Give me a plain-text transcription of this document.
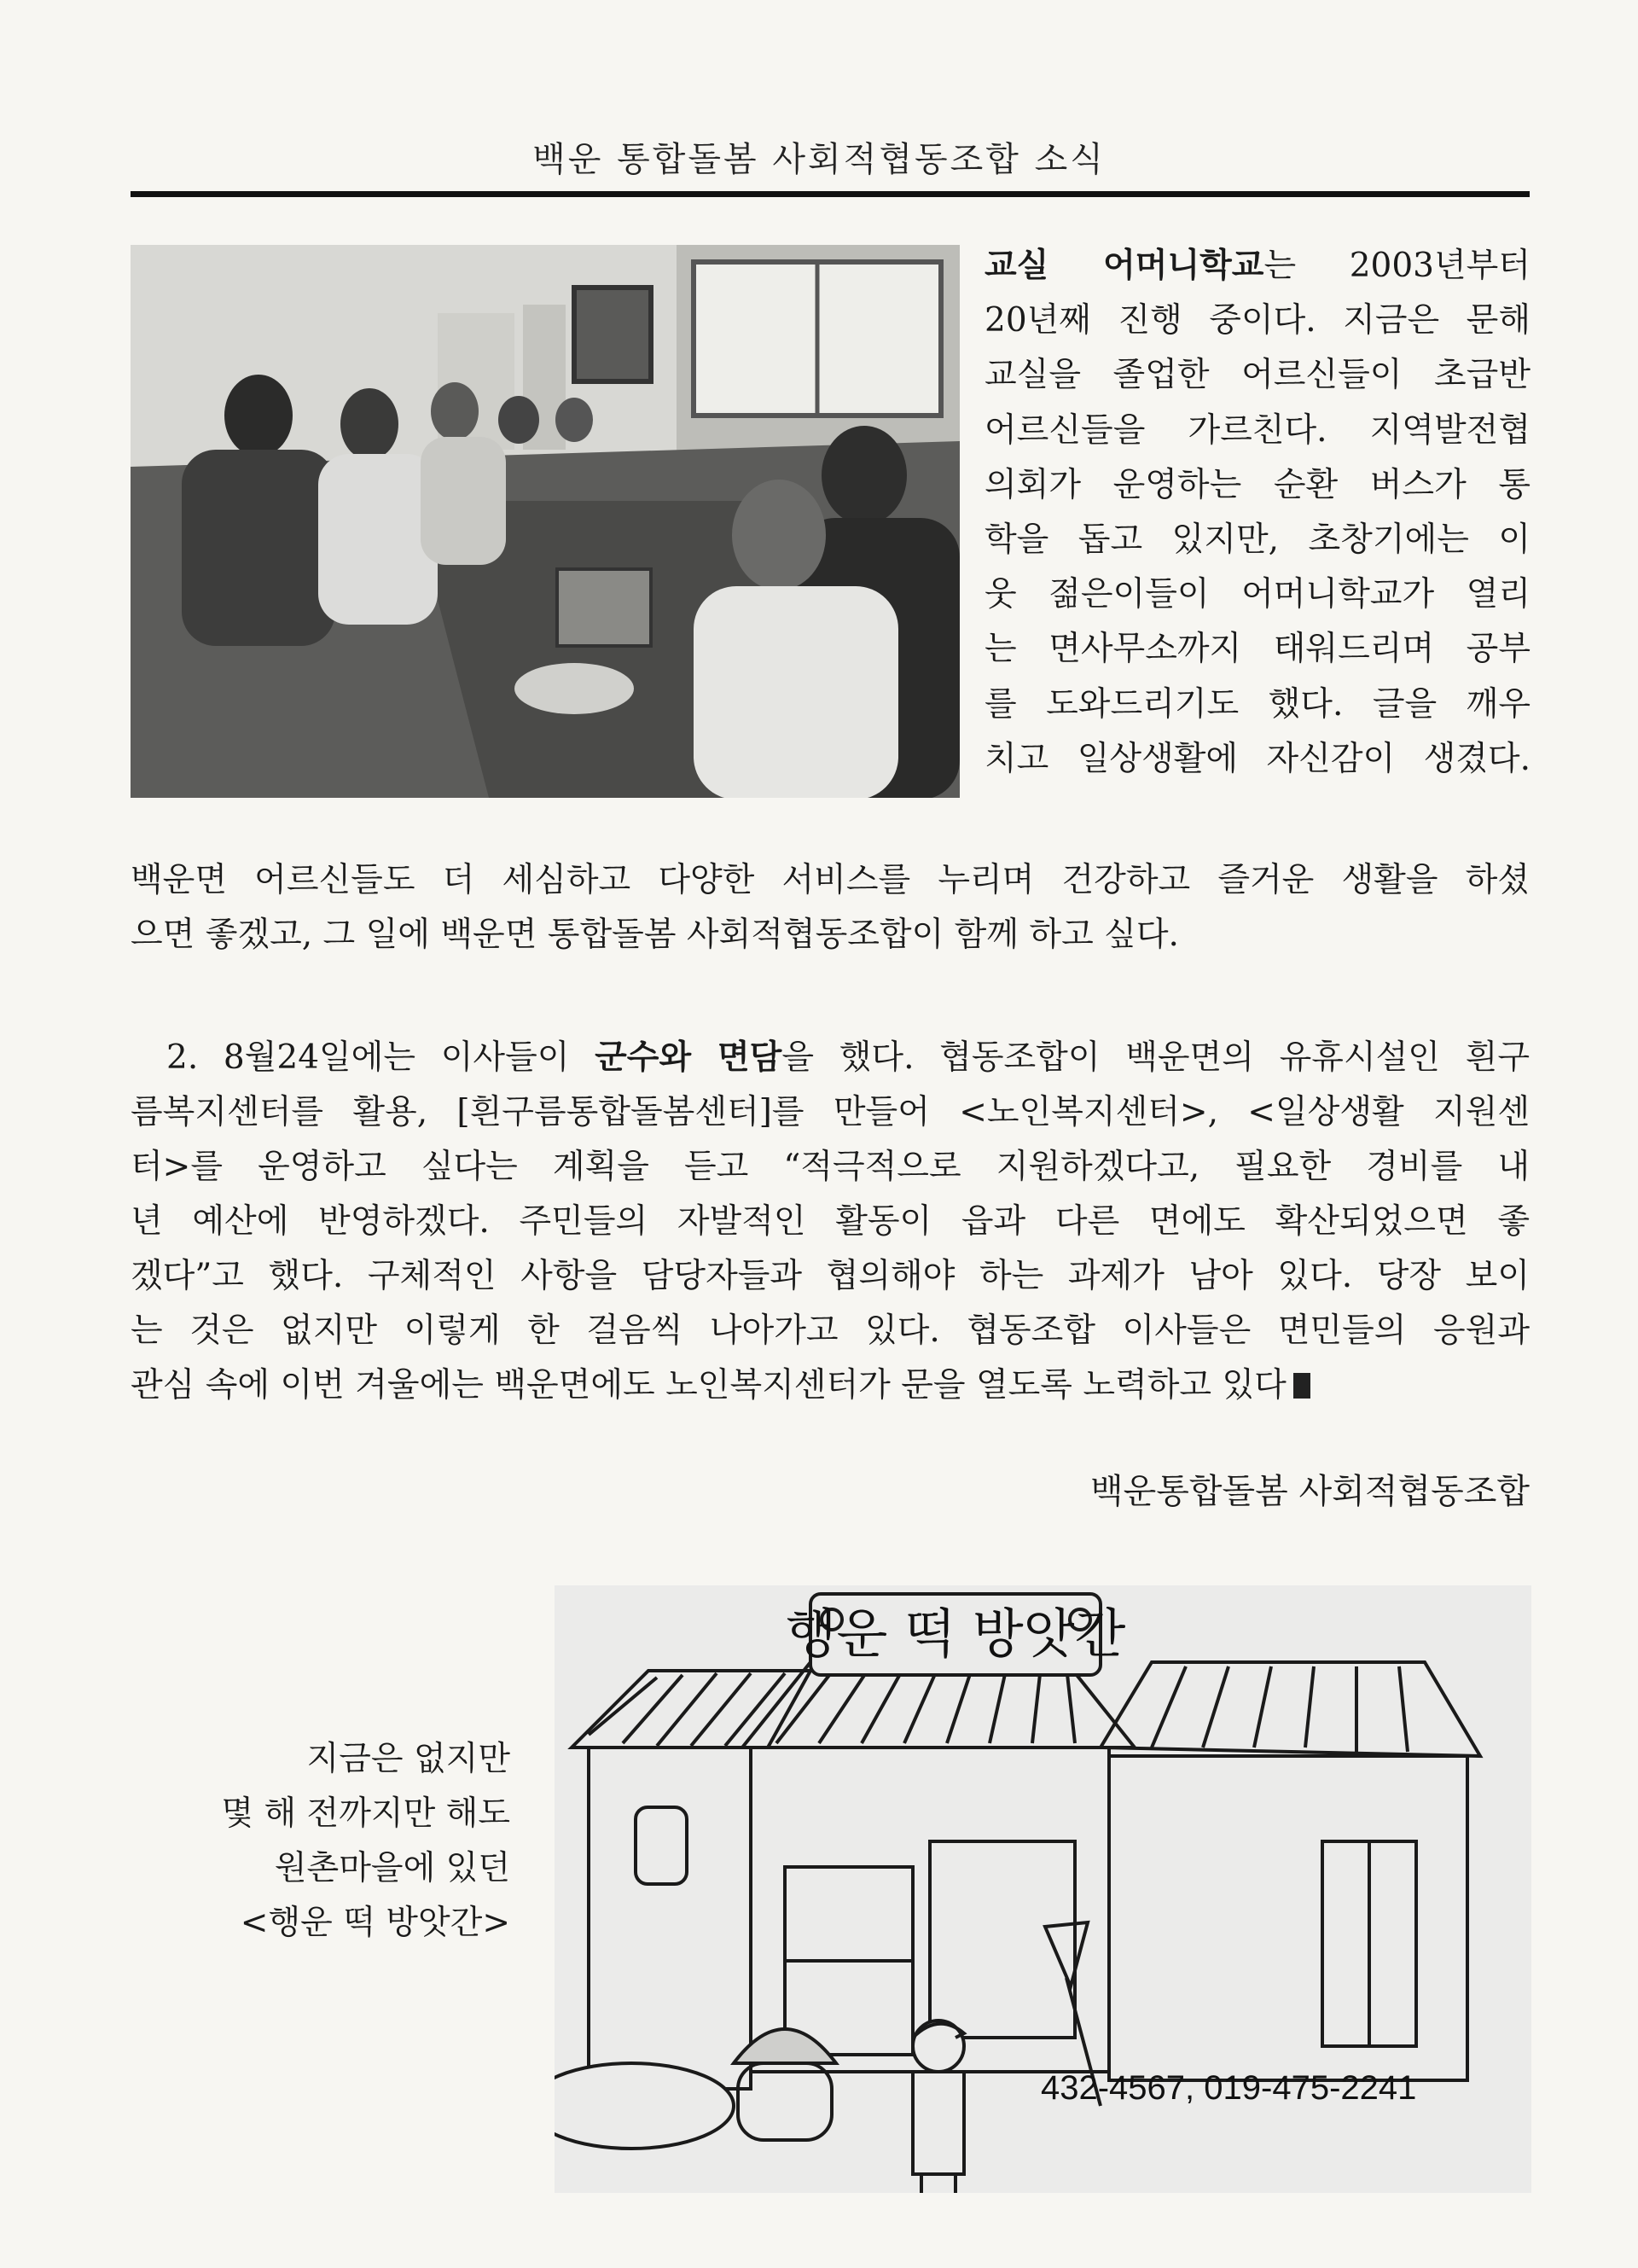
백운 통합돌봄 사회적협동조합 소식
교실 어머니학교는 2003년부터
20년째 진행 중이다. 지금은 문해
교실을 졸업한 어르신들이 초급반
어르신들을 가르친다. 지역발전협
의회가 운영하는 순환 버스가 통
학을 돕고 있지만, 초창기에는 이
웃 젊은이들이 어머니학교가 열리
는 면사무소까지 태워드리며 공부
를 도와드리기도 했다. 글을 깨우
치고 일상생활에 자신감이 생겼다.
백운면 어르신들도 더 세심하고 다양한 서비스를 누리며 건강하고 즐거운 생활을 하셨
으면 좋겠고, 그 일에 백운면 통합돌봄 사회적협동조합이 함께 하고 싶다.
2. 8월24일에는 이사들이 군수와 면담을 했다. 협동조합이 백운면의 유휴시설인 흰구
름복지센터를 활용, [흰구름통합돌봄센터]를 만들어 <노인복지센터>, <일상생활 지원센
터>를 운영하고 싶다는 계획을 듣고 “적극적으로 지원하겠다고, 필요한 경비를 내
년 예산에 반영하겠다. 주민들의 자발적인 활동이 읍과 다른 면에도 확산되었으면 좋
겠다”고 했다. 구체적인 사항을 담당자들과 협의해야 하는 과제가 남아 있다. 당장 보이
는 것은 없지만 이렇게 한 걸음씩 나아가고 있다. 협동조합 이사들은 면민들의 응원과
관심 속에 이번 겨울에는 백운면에도 노인복지센터가 문을 열도록 노력하고 있다
백운통합돌봄 사회적협동조합
지금은 없지만
몇 해 전까지만 해도
원촌마을에 있던
<행운 떡 방앗간>
행운 떡 방앗간
432-4567, 019-475-2241
